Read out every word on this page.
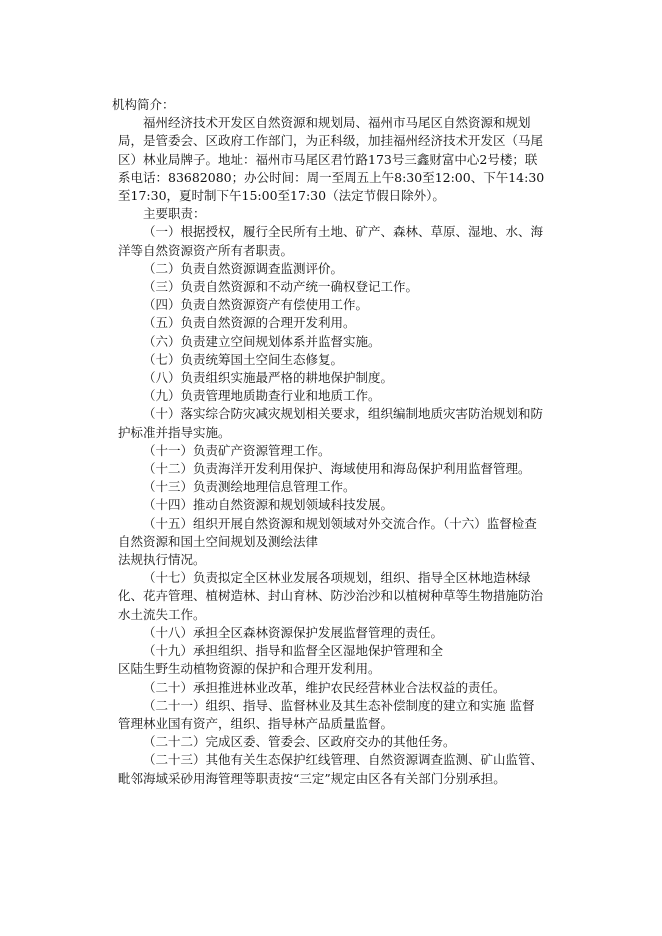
机构简介：

福州经济技术开发区自然资源和规划局、福州市马尾区自然资源和规划局，是管委会、区政府工作部门，为正科级，加挂福州经济技术开发区（马尾区）林业局牌子。地址：福州市马尾区君竹路173号三鑫财富中心2号楼；联系电话：83682080；办公时间：周一至周五上午8:30至12:00、下午14:30至17:30，夏时制下午15:00至17:30（法定节假日除外）。

主要职责：

（一）根据授权，履行全民所有土地、矿产、森林、草原、湿地、水、海洋等自然资源资产所有者职责。

（二）负责自然资源调查监测评价。

（三）负责自然资源和不动产统一确权登记工作。

（四）负责自然资源资产有偿使用工作。

（五）负责自然资源的合理开发利用。

（六）负责建立空间规划体系并监督实施。

（七）负责统筹国土空间生态修复。

（八）负责组织实施最严格的耕地保护制度。

（九）负责管理地质勘查行业和地质工作。

（十）落实综合防灾减灾规划相关要求，组织编制地质灾害防治规划和防护标准并指导实施。

（十一）负责矿产资源管理工作。

（十二）负责海洋开发利用保护、海域使用和海岛保护利用监督管理。

（十三）负责测绘地理信息管理工作。

（十四）推动自然资源和规划领域科技发展。

（十五）组织开展自然资源和规划领域对外交流合作。（十六）监督检查自然资源和国土空间规划及测绘法律

法规执行情况。

（十七）负责拟定全区林业发展各项规划，组织、指导全区林地造林绿化、花卉管理、植树造林、封山育林、防沙治沙和以植树种草等生物措施防治水土流失工作。

（十八）承担全区森林资源保护发展监督管理的责任。

（十九）承担组织、指导和监督全区湿地保护管理和全

区陆生野生动植物资源的保护和合理开发利用。

（二十）承担推进林业改革，维护农民经营林业合法权益的责任。

（二十一）组织、指导、监督林业及其生态补偿制度的建立和实施 监督管理林业国有资产，组织、指导林产品质量监督。

（二十二）完成区委、管委会、区政府交办的其他任务。

（二十三）其他有关生态保护红线管理、自然资源调查监测、矿山监管、毗邻海域采砂用海管理等职责按“三定”规定由区各有关部门分别承担。
